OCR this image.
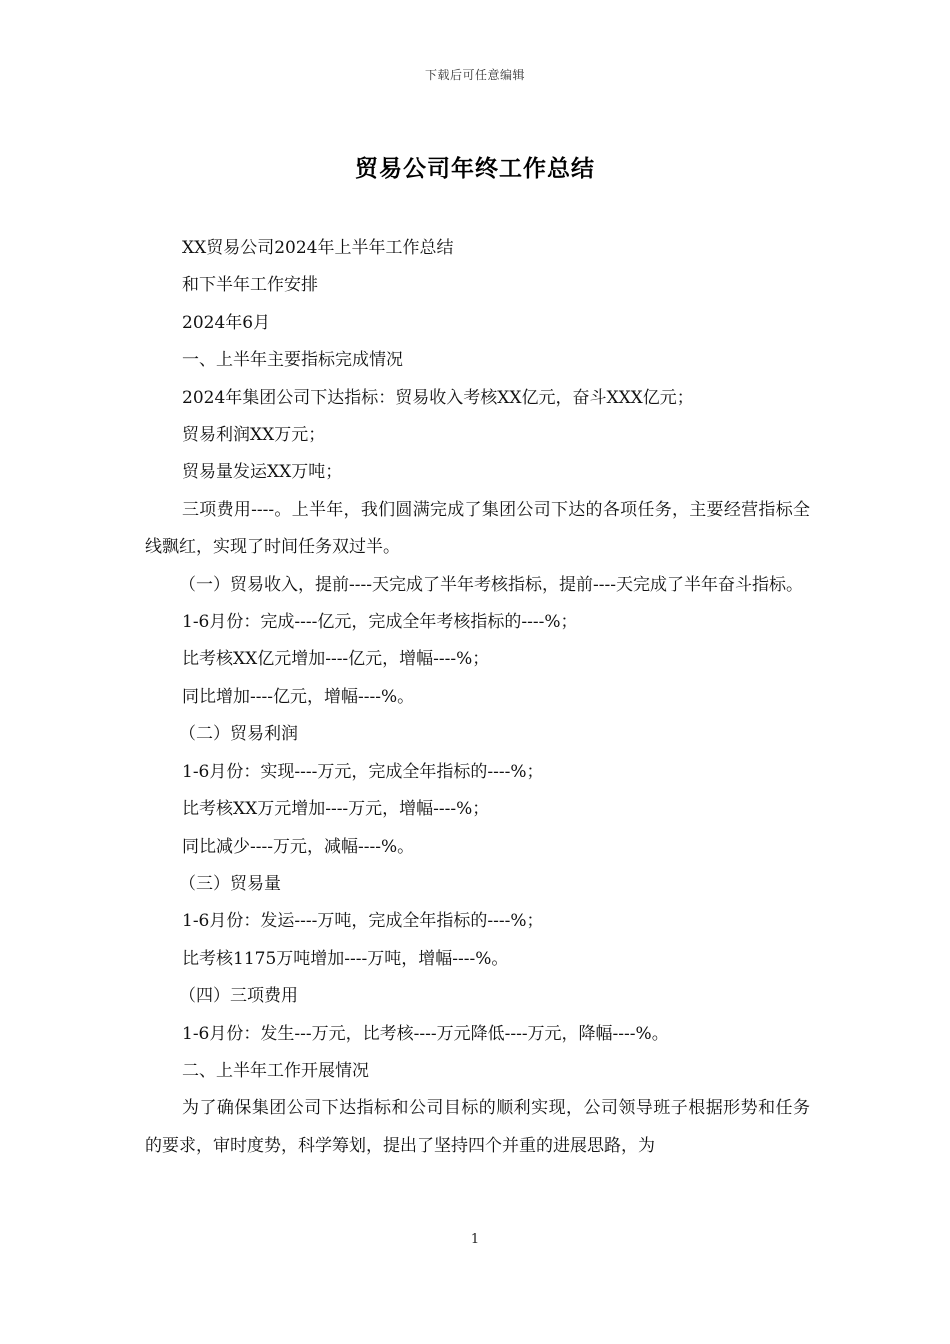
下载后可任意编辑
贸易公司年终工作总结

XX贸易公司2024年上半年工作总结

和下半年工作安排

2024年6月

一、上半年主要指标完成情况

2024年集团公司下达指标：贸易收入考核XX亿元，奋斗XXX亿元；

贸易利润XX万元；

贸易量发运XX万吨；

三项费用----。上半年，我们圆满完成了集团公司下达的各项任务，主要经营指标全线飘红，实现了时间任务双过半。

（一）贸易收入，提前----天完成了半年考核指标，提前----天完成了半年奋斗指标。

1-6月份：完成----亿元，完成全年考核指标的----%；

比考核XX亿元增加----亿元，增幅----%；

同比增加----亿元，增幅----%。

（二）贸易利润

1-6月份：实现----万元，完成全年指标的----%；

比考核XX万元增加----万元，增幅----%；

同比减少----万元，减幅----%。

（三）贸易量

1-6月份：发运----万吨，完成全年指标的----%；

比考核1175万吨增加----万吨，增幅----%。

（四）三项费用

1-6月份：发生---万元，比考核----万元降低----万元，降幅----%。

二、上半年工作开展情况

为了确保集团公司下达指标和公司目标的顺利实现，公司领导班子根据形势和任务的要求，审时度势，科学筹划，提出了坚持四个并重的进展思路，为

1
